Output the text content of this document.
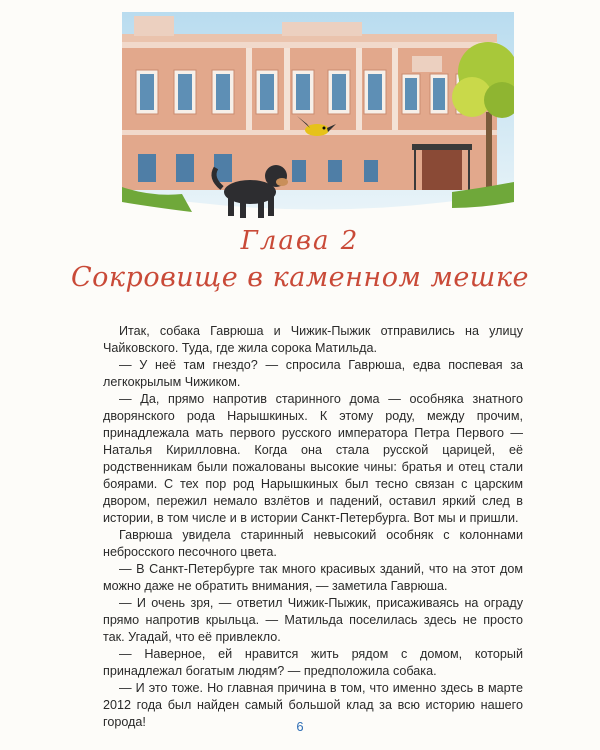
Глава 2
Сокровище в каменном мешке

Итак, собака Гаврюша и Чижик-Пыжик отправились на улицу Чайковского. Туда, где жила сорока Матильда.

— У неё там гнездо? — спросила Гаврюша, едва поспевая за легкокрылым Чижиком.

— Да, прямо напротив старинного дома — особняка знатного дворянского рода Нарышкиных. К этому роду, между прочим, принадлежала мать первого русского императора Петра Первого — Наталья Кирилловна. Когда она стала русской царицей, её родственникам были пожалованы высокие чины: братья и отец стали боярами. С тех пор род Нарышкиных был тесно связан с царским двором, пережил немало взлётов и падений, оставил яркий след в истории, в том числе и в истории Санкт-Петербурга. Вот мы и пришли.

Гаврюша увидела старинный невысокий особняк с колоннами небросского песочного цвета.

— В Санкт-Петербурге так много красивых зданий, что на этот дом можно даже не обратить внимания, — заметила Гаврюша.

— И очень зря, — ответил Чижик-Пыжик, присаживаясь на ограду прямо напротив крыльца. — Матильда поселилась здесь не просто так. Угадай, что её привлекло.

— Наверное, ей нравится жить рядом с домом, который принадлежал богатым людям? — предположила собака.

— И это тоже. Но главная причина в том, что именно здесь в марте 2012 года был найден самый большой клад за всю историю нашего города!	6
